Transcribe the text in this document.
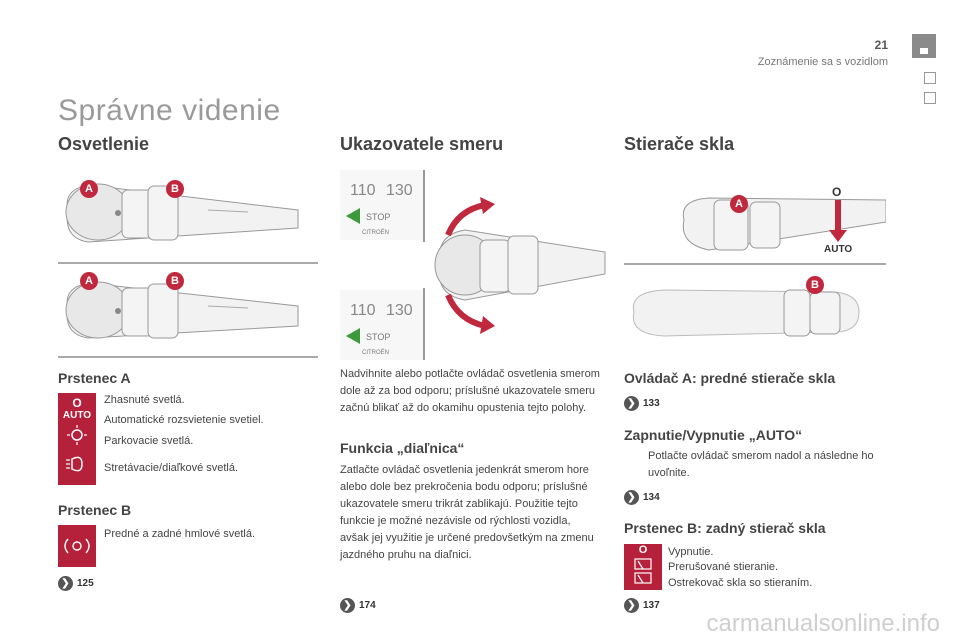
21
Zoznámenie sa s vozidlom
Správne videnie
Osvetlenie
A	B
A	B
Prstenec A
O
AUTO
Zhasnuté svetlá.
Automatické rozsvietenie svetiel.
Parkovacie svetlá.
Stretávacie/diaľkové svetlá.
Prstenec B
Predné a zadné hmlové svetlá.
❯ 125
Ukazovatele smeru
110 130
STOP
CITROËN
110 130
STOP
CITROËN
Nadvihnite alebo potlačte ovládač osvetlenia smerom dole až za bod odporu; príslušné ukazovatele smeru začnú blikať až do okamihu opustenia tejto polohy.
Funkcia „diaľnica“
Zatlačte ovládač osvetlenia jedenkrát smerom hore alebo dole bez prekročenia bodu odporu; príslušné ukazovatele smeru trikrát zablikajú. Použitie tejto funkcie je možné nezávisle od rýchlosti vozidla, avšak jej využitie je určené predovšetkým na zmenu jazdného pruhu na diaľnici.
❯ 174
Stierače skla
O
AUTO
A
B
Ovládač A: predné stierače skla
❯ 133
Zapnutie/Vypnutie „AUTO“
Potlačte ovládač smerom nadol a následne ho uvoľnite.
❯ 134
Prstenec B: zadný stierač skla
O	Vypnutie.
Prerušované stieranie.
Ostrekovač skla so stieraním.
❯ 137
carmanualsonline.info
